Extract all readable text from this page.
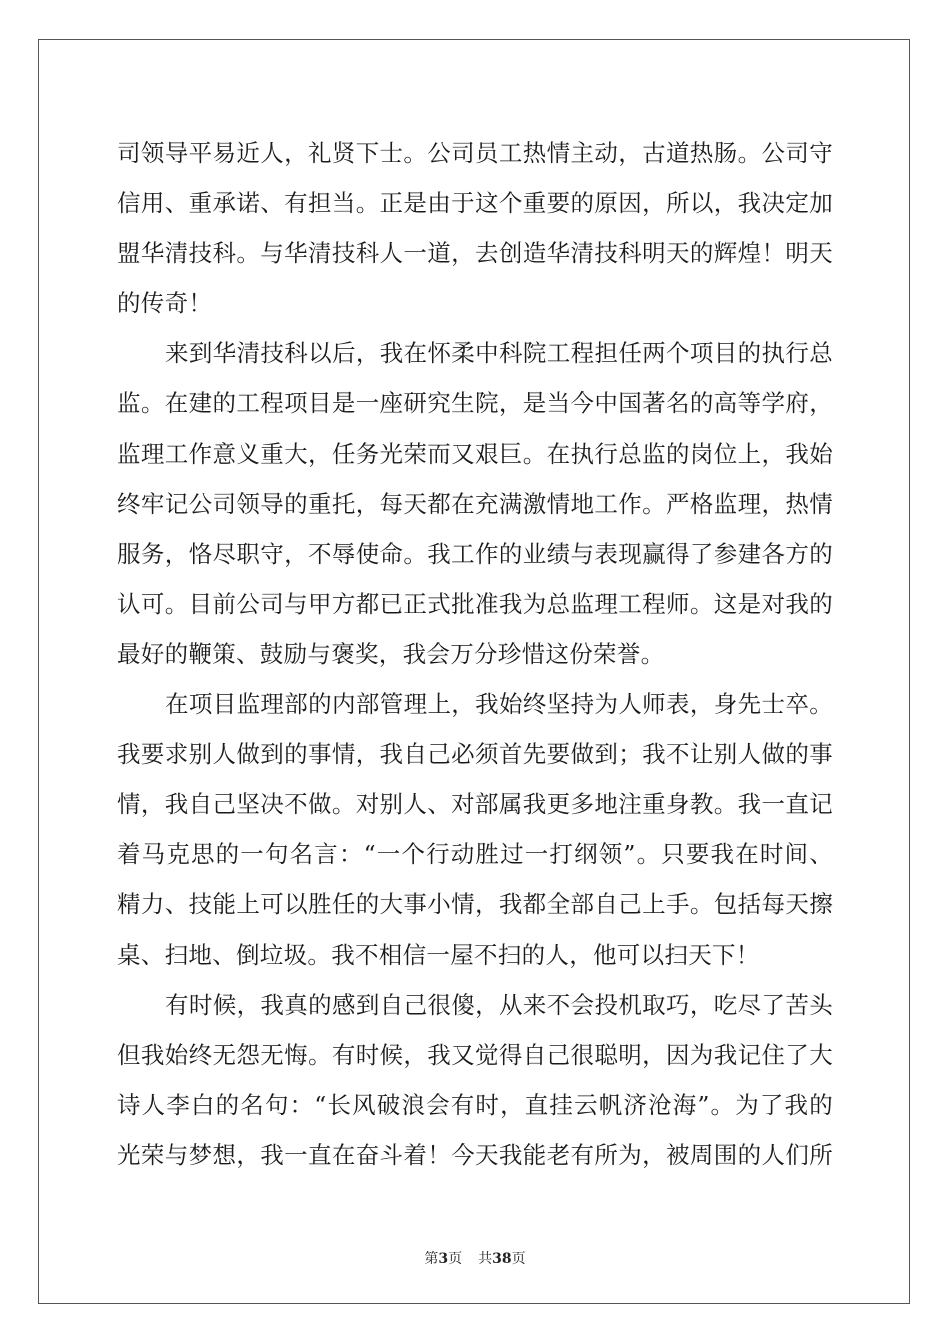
司领导平易近人，礼贤下士。公司员工热情主动，古道热肠。公司守
信用、重承诺、有担当。正是由于这个重要的原因，所以，我决定加
盟华清技科。与华清技科人一道，去创造华清技科明天的辉煌！明天
的传奇！
来到华清技科以后，我在怀柔中科院工程担任两个项目的执行总
监。在建的工程项目是一座研究生院，是当今中国著名的高等学府，
监理工作意义重大，任务光荣而又艰巨。在执行总监的岗位上，我始
终牢记公司领导的重托，每天都在充满激情地工作。严格监理，热情
服务，恪尽职守，不辱使命。我工作的业绩与表现赢得了参建各方的
认可。目前公司与甲方都已正式批准我为总监理工程师。这是对我的
最好的鞭策、鼓励与褒奖，我会万分珍惜这份荣誉。
在项目监理部的内部管理上，我始终坚持为人师表，身先士卒。
我要求别人做到的事情，我自己必须首先要做到；我不让别人做的事
情，我自己坚决不做。对别人、对部属我更多地注重身教。我一直记
着马克思的一句名言：“一个行动胜过一打纲领”。只要我在时间、
精力、技能上可以胜任的大事小情，我都全部自己上手。包括每天擦
桌、扫地、倒垃圾。我不相信一屋不扫的人，他可以扫天下！
有时候，我真的感到自己很傻，从来不会投机取巧，吃尽了苦头
但我始终无怨无悔。有时候，我又觉得自己很聪明，因为我记住了大
诗人李白的名句：“长风破浪会有时，直挂云帆济沧海”。为了我的
光荣与梦想，我一直在奋斗着！今天我能老有所为，被周围的人们所
第3页 共38页
